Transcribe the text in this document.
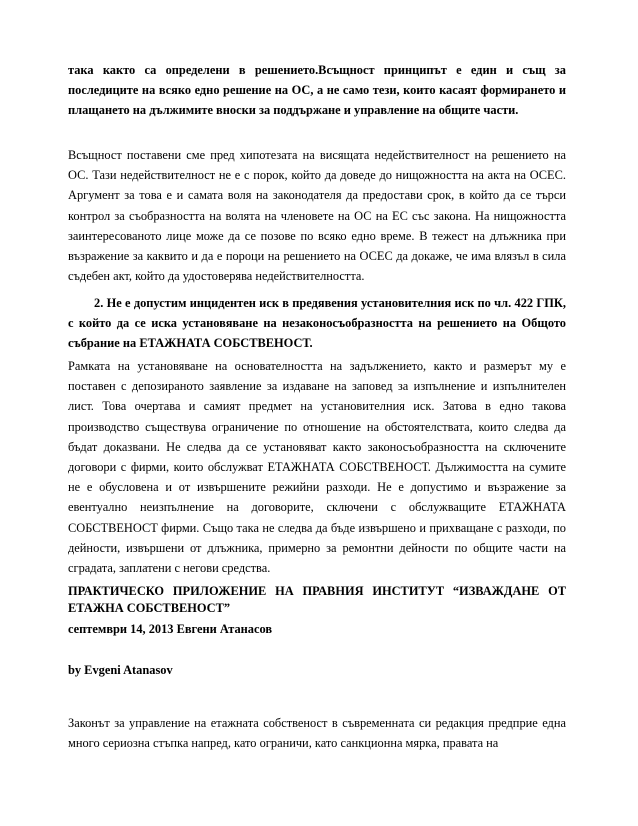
така както са определени в решението.Всъщност принципът е един и същ за последиците на всяко едно решение на ОС, а не само тези, които касаят формирането и плащането на дължимите вноски за поддържане и управление на общите части.

Всъщност поставени сме пред хипотезата на висящата недействителност на решението на ОС. Тази недействителност не е с порок, който да доведе до нищожността на акта на ОСЕС. Аргумент за това е и самата воля на законодателя да предостави срок, в който да се търси контрол за съобразността на волята на членовете на ОС на ЕС със закона. На нищожността заинтересованото лице може да се позове по всяко едно време. В тежест на длъжника при възражение за каквито и да е пороци на решението на ОСЕС да докаже, че има влязъл в сила съдебен акт, който да удостоверява недействителността.

2. Не е допустим инцидентен иск в предявения установителния иск по чл. 422 ГПК, с който да се иска установяване на незаконосъобразността на решението на Общото събрание на ЕТАЖНАТА СОБСТВЕНОСТ.

Рамката на установяване на основателността на задължението, както и размерът му е поставен с депозираното заявление за издаване на заповед за изпълнение и изпълнителен лист. Това очертава и самият предмет на установителния иск. Затова в едно такова производство съществува ограничение по отношение на обстоятелствата, които следва да бъдат доказвани. Не следва да се установяват както законосъобразността на сключените договори с фирми, които обслужват ЕТАЖНАТА СОБСТВЕНОСТ. Дължимостта на сумите не е обусловена и от извършените режийни разходи. Не е допустимо и възражение за евентуално неизпълнение на договорите, сключени с обслужващите ЕТАЖНАТА СОБСТВЕНОСТ фирми. Също така не следва да бъде извършено и прихващане с разходи, по дейности, извършени от длъжника, примерно за ремонтни дейности по общите части на сградата, заплатени с негови средства.

ПРАКТИЧЕСКО ПРИЛОЖЕНИЕ НА ПРАВНИЯ ИНСТИТУТ “ИЗВАЖДАНЕ ОТ ЕТАЖНА СОБСТВЕНОСТ”

септември 14, 2013 Евгени Атанасов

by Evgeni Atanasov

Законът за управление на етажната собственост в съвременната си редакция предприе една много сериозна стъпка напред, като ограничи, като санкционна мярка, правата на
